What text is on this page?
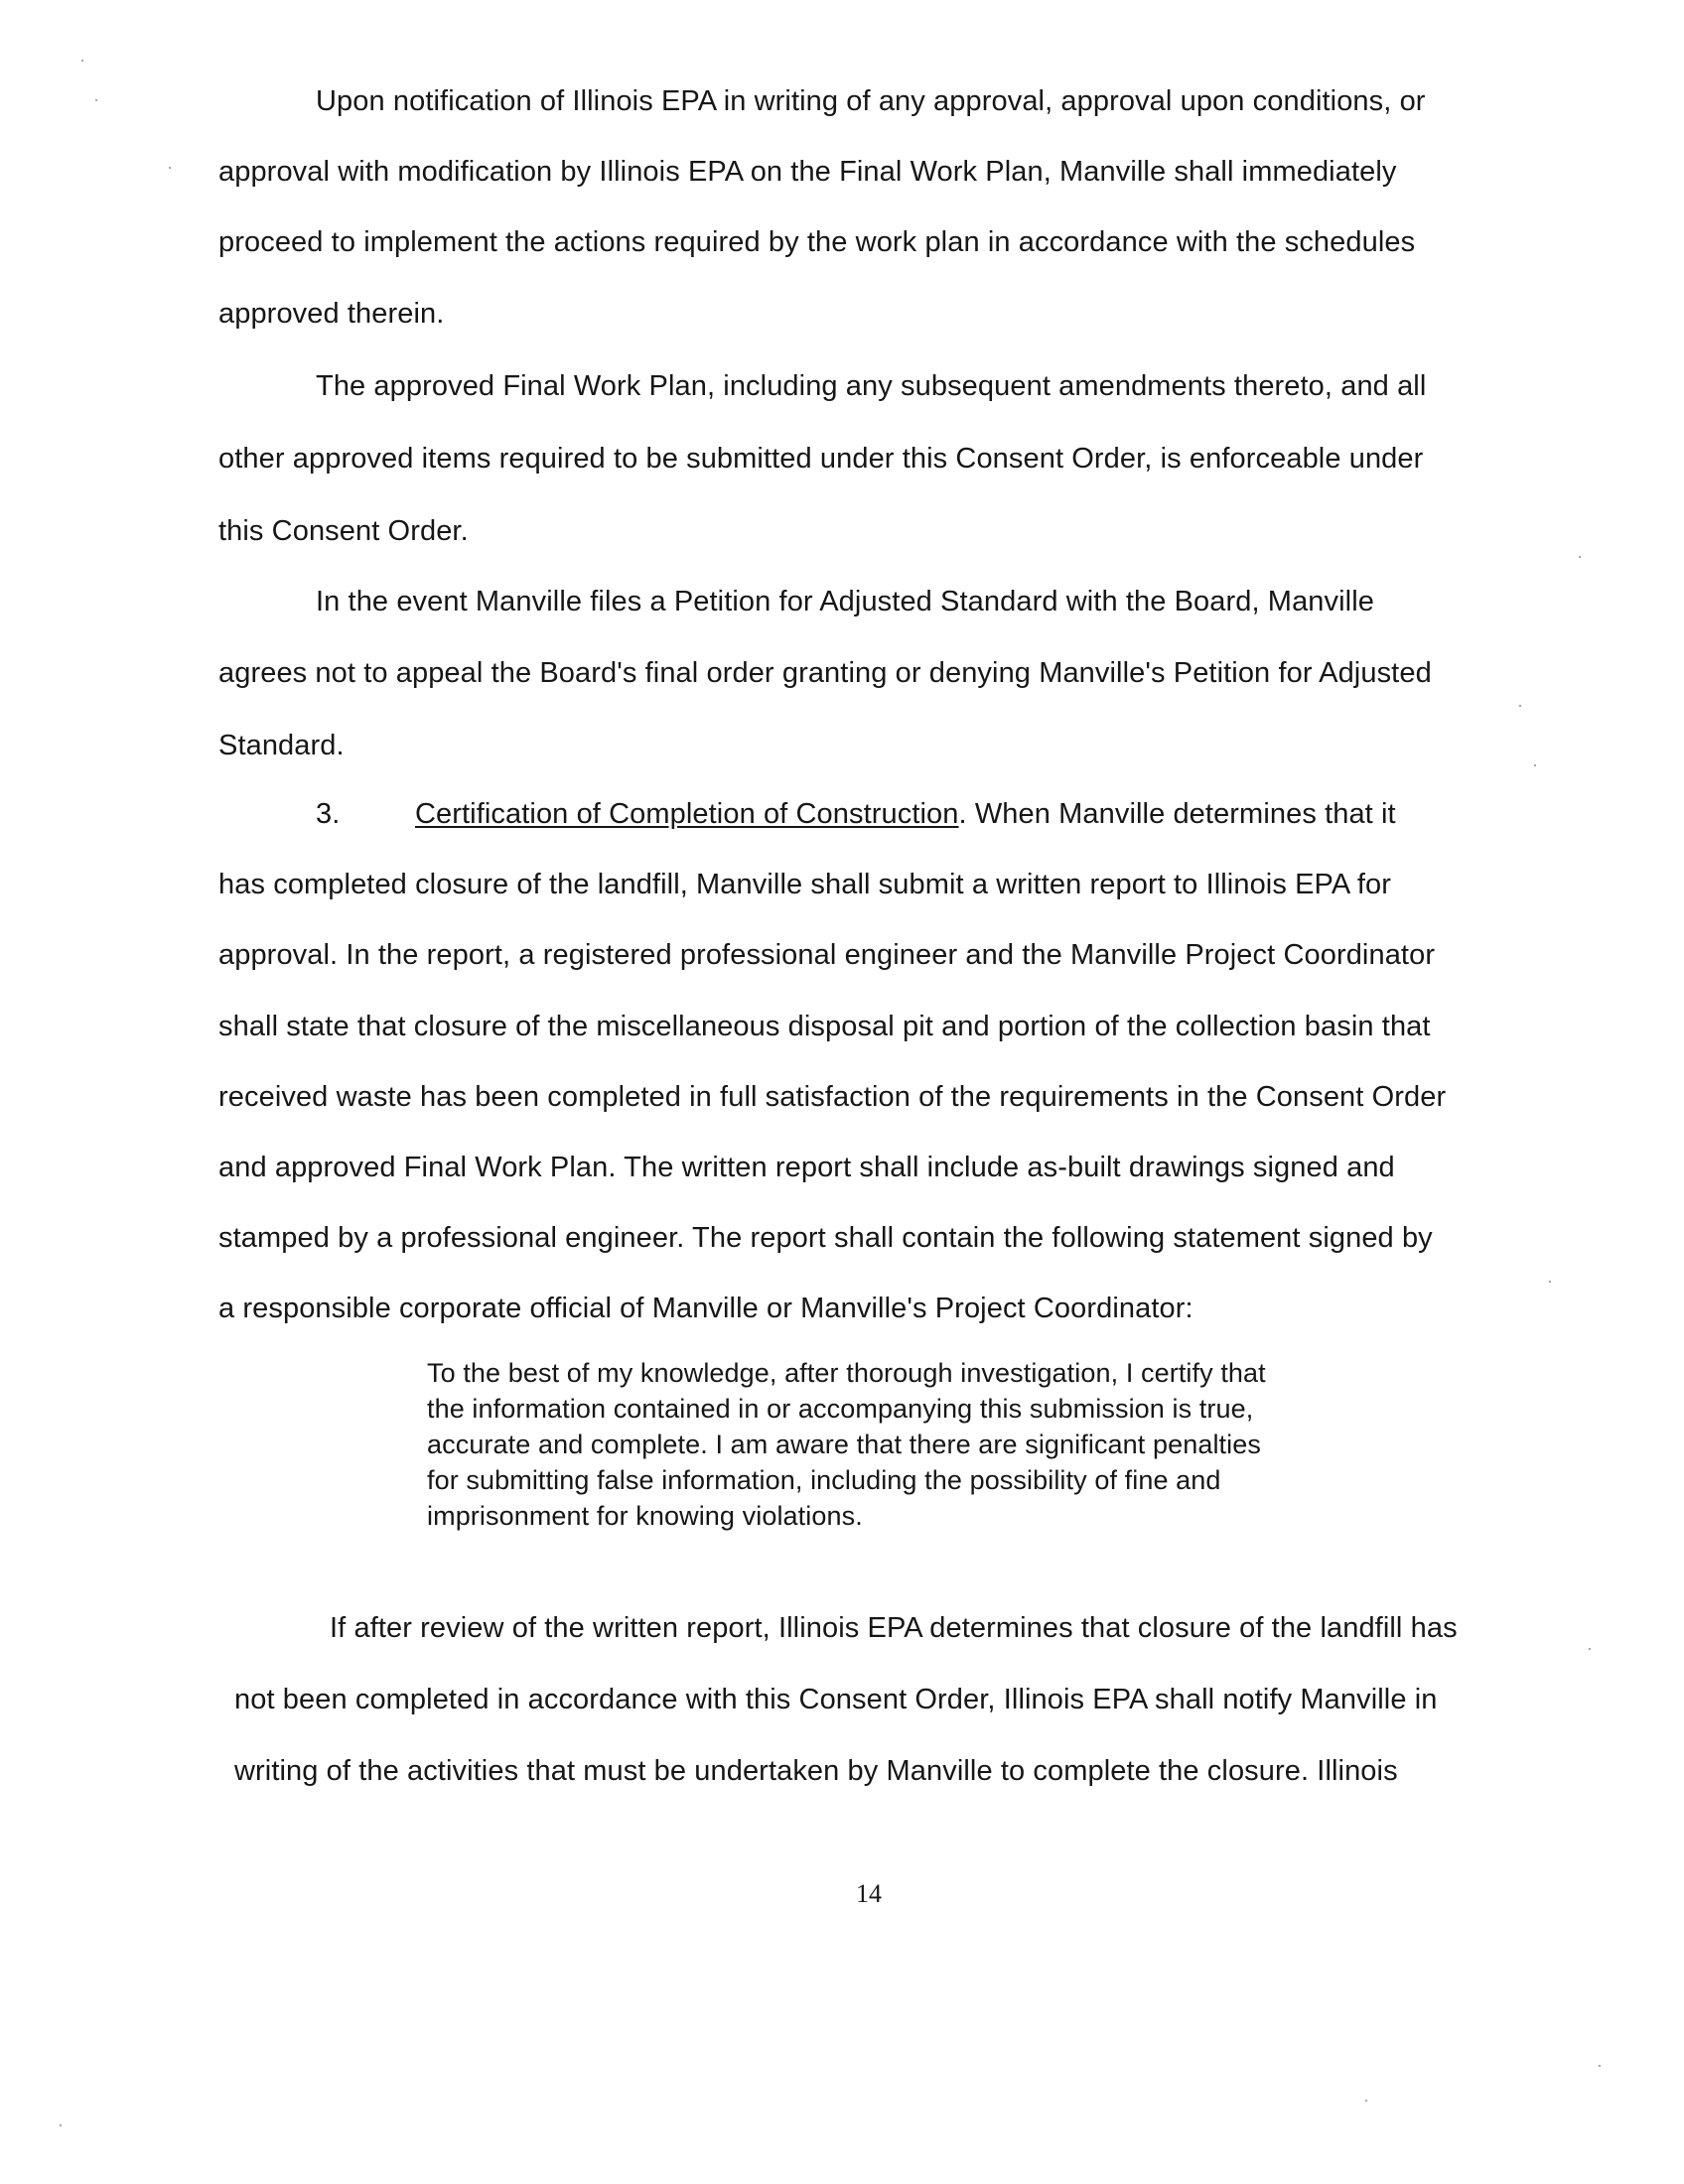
Upon notification of Illinois EPA in writing of any approval, approval upon conditions, or
approval with modification by Illinois EPA on the Final Work Plan, Manville shall immediately
proceed to implement the actions required by the work plan in accordance with the schedules
approved therein.
The approved Final Work Plan, including any subsequent amendments thereto, and all
other approved items required to be submitted under this Consent Order, is enforceable under
this Consent Order.
In the event Manville files a Petition for Adjusted Standard with the Board, Manville
agrees not to appeal the Board's final order granting or denying Manville's Petition for Adjusted
Standard.
3.	Certification of Completion of Construction. When Manville determines that it
has completed closure of the landfill, Manville shall submit a written report to Illinois EPA for
approval. In the report, a registered professional engineer and the Manville Project Coordinator
shall state that closure of the miscellaneous disposal pit and portion of the collection basin that
received waste has been completed in full satisfaction of the requirements in the Consent Order
and approved Final Work Plan. The written report shall include as-built drawings signed and
stamped by a professional engineer. The report shall contain the following statement signed by
a responsible corporate official of Manville or Manville's Project Coordinator:
To the best of my knowledge, after thorough investigation, I certify that
the information contained in or accompanying this submission is true,
accurate and complete. I am aware that there are significant penalties
for submitting false information, including the possibility of fine and
imprisonment for knowing violations.
If after review of the written report, Illinois EPA determines that closure of the landfill has
not been completed in accordance with this Consent Order, Illinois EPA shall notify Manville in
writing of the activities that must be undertaken by Manville to complete the closure. Illinois
14
